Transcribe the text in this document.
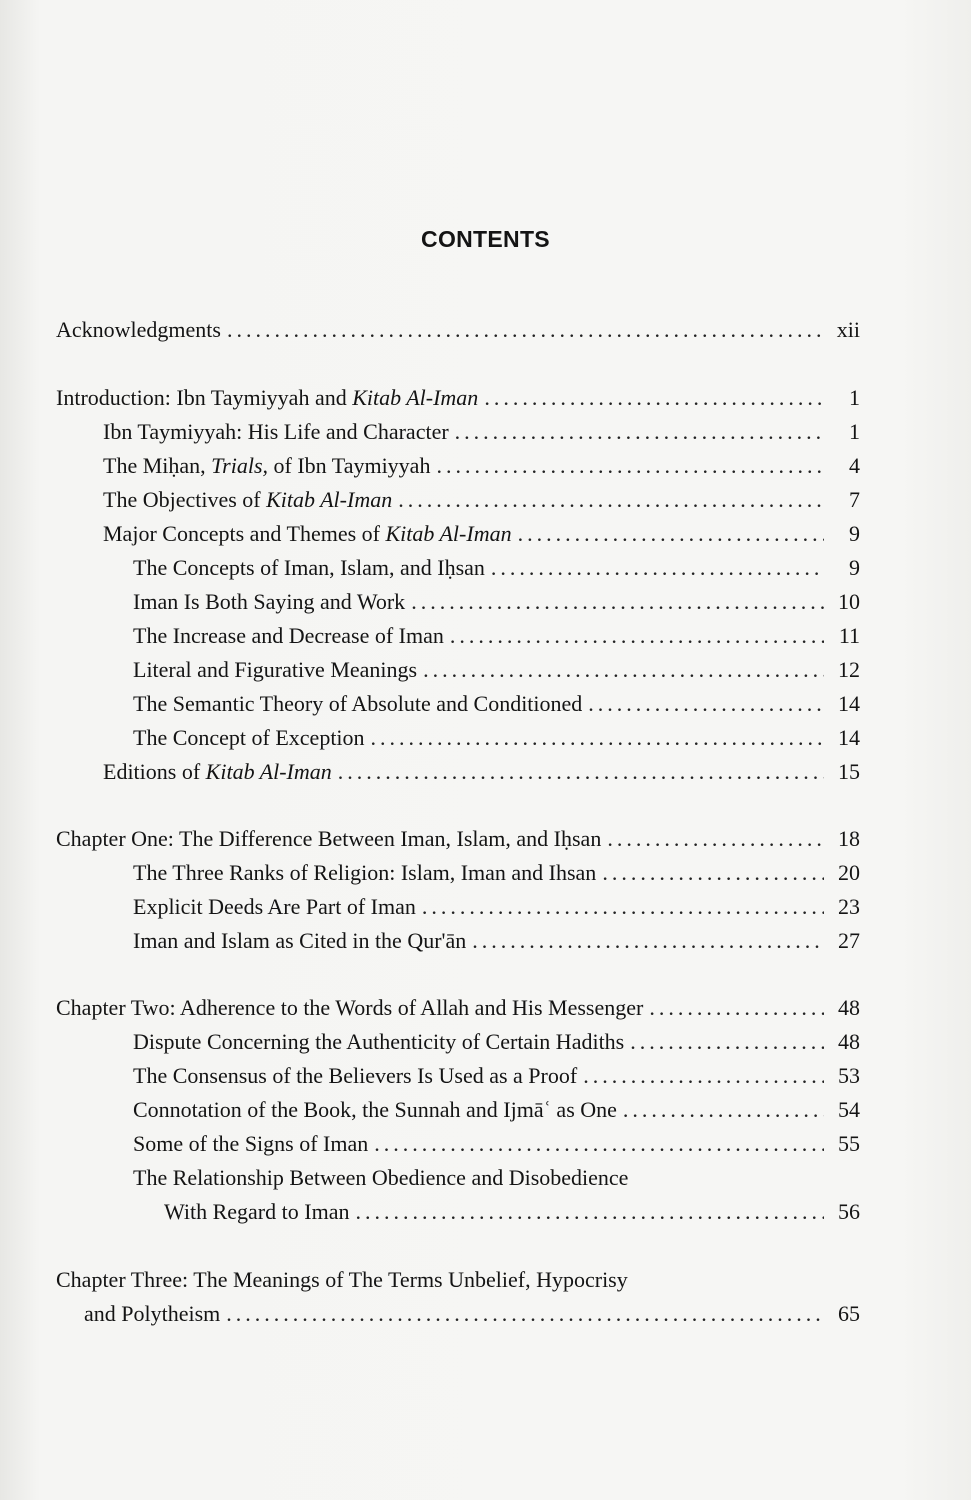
CONTENTS
Acknowledgments .....	xii
Introduction: Ibn Taymiyyah and Kitab Al-Iman .....	1
Ibn Taymiyyah: His Life and Character .....	1
The Miḥan, Trials, of Ibn Taymiyyah .....	4
The Objectives of Kitab Al-Iman .....	7
Major Concepts and Themes of Kitab Al-Iman .....	9
The Concepts of Iman, Islam, and Iḥsan .....	9
Iman Is Both Saying and Work .....	10
The Increase and Decrease of Iman .....	11
Literal and Figurative Meanings .....	12
The Semantic Theory of Absolute and Conditioned .....	14
The Concept of Exception .....	14
Editions of Kitab Al-Iman .....	15
Chapter One: The Difference Between Iman, Islam, and Iḥsan .....	18
The Three Ranks of Religion: Islam, Iman and Ihsan .....	20
Explicit Deeds Are Part of Iman .....	23
Iman and Islam as Cited in the Qur'ān .....	27
Chapter Two: Adherence to the Words of Allah and His Messenger .....	48
Dispute Concerning the Authenticity of Certain Hadiths .....	48
The Consensus of the Believers Is Used as a Proof .....	53
Connotation of the Book, the Sunnah and Ijmāʿ as One .....	54
Some of the Signs of Iman .....	55
The Relationship Between Obedience and Disobedience
With Regard to Iman .....	56
Chapter Three: The Meanings of The Terms Unbelief, Hypocrisy
and Polytheism .....	65
